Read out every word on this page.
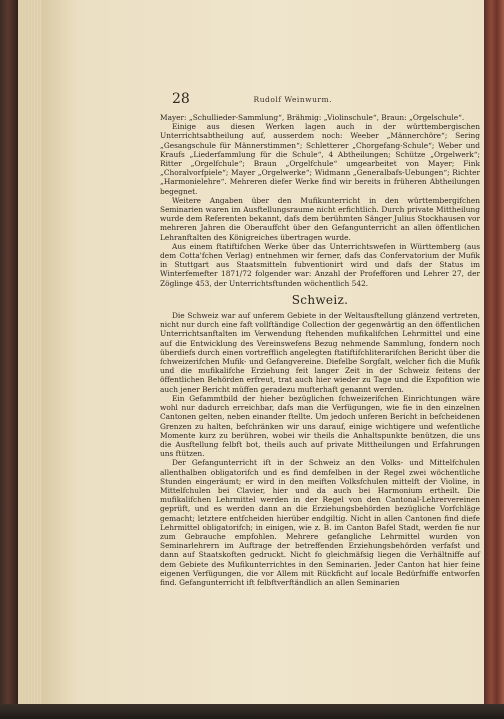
28	Rudolf Weinwurm.

Mayer: „Schullieder-Sammlung“, Brähmig: „Violinschule“, Braun: „Orgelschule“.

Einige aus diesen Werken lagen auch in der württembergischen Unterrichtsabtheilung auf, ausserdem noch: Weeber „Männerchöre“; Sering „Gesangschule für Männerstimmen“; Schletterer „Chorgefang-Schule“; Weber und Kraufs „Liederfammlung für die Schule“, 4 Abtheilungen; Schütze „Orgelwerk“; Ritter „Orgelfchule“; Braun „Orgelfchule“ umgearbeitet von Mayer; Fink „Choralvorfpiele“; Mayer „Orgelwerke“; Widmann „Generalbafs-Uebungen“; Richter „Harmonielehre“. Mehreren diefer Werke find wir bereits in früheren Abtheilungen begegnet.

Weitere Angaben über den Mufikunterricht in den württembergifchen Seminarien waren im Ausftellungsraume nicht erfichtlich. Durch private Mittheilung wurde dem Referenten bekannt, dafs dem berühmten Sänger Julius Stockhausen vor mehreren Jahren die Oberauffcht über den Gefangunterricht an allen öffentlichen Lehranftalten des Königreiches übertragen wurde.

Aus einem ftatiftifchen Werke über das Unterrichtswefen in Württemberg (aus dem Cotta'fchen Verlag) entnehmen wir ferner, dafs das Confervatorium der Mufik in Stuttgart aus Staatsmitteln fubventionirt wird und dafs der Status im Winterfemefter 1871/72 folgender war: Anzahl der Profefforen und Lehrer 27, der Zöglinge 453, der Unterrichtsftunden wöchentlich 542.

Schweiz.

Die Schweiz war auf unferem Gebiete in der Weltausftellung glänzend vertreten, nicht nur durch eine faft vollftändige Collection der gegenwärtig an den öffentlichen Unterrichtsanftalten im Verwendung ftehenden mufikalifchen Lehrmittel und eine auf die Entwicklung des Vereinswefens Bezug nehmende Sammlung, fondern noch überdiefs durch einen vortrefflich angelegten ftatiftifchliterarifchen Bericht über die fchweizerifchen Mufik- und Gefangvereine. Diefelbe Sorgfalt, welcher fich die Mufik und die mufikalifche Erziehung feit langer Zeit in der Schweiz feitens der öffentlichen Behörden erfreut, trat auch hier wieder zu Tage und die Expofition wie auch jener Bericht müffen geradezu mufterhaft genannt werden.

Ein Gefammtbild der hieher bezüglichen fchweizerifchen Einrichtungen wäre wohl nur dadurch erreichbar, dafs man die Verfügungen, wie fie in den einzelnen Cantonen gelten, neben einander ftellte. Um jedoch unferen Bericht in befcheidenen Grenzen zu halten, befchränken wir uns darauf, einige wichtigere und wefentliche Momente kurz zu berühren, wobei wir theils die Anhaltspunkte benützen, die uns die Ausftellung felbft bot, theils auch auf private Mittheilungen und Erfahrungen uns ftützen.

Der Gefangunterricht ift in der Schweiz an den Volks- und Mittelfchulen allenthalben obligatorifch und es find demfelben in der Regel zwei wöchentliche Stunden eingeräumt; er wird in den meiften Volksfchulen mittelft der Violine, in Mittelfchulen bei Clavier, hier und da auch bei Harmonium ertheilt. Die mufikalifchen Lehrmittel werden in der Regel von den Cantonal-Lehrervereinen geprüft, und es werden dann an die Erziehungsbehörden bezügliche Vorfchläge gemacht; letztere entfcheiden hierüber endgiltig. Nicht in allen Cantonen find diefe Lehrmittel obligatorifch; in einigen, wie z. B. im Canton Bafel Stadt, werden fie nur zum Gebrauche empfohlen. Mehrere gefangliche Lehrmittel wurden von Seminarlehrern im Auftrage der betreffenden Erziehungsbehörden verfafst und dann auf Staatskoften gedruckt. Nicht fo gleichmäfsig liegen die Verhältniffe auf dem Gebiete des Mufikunterrichtes in den Seminarien. Jeder Canton hat hier feine eigenen Verfügungen, die vor Allem mit Rückficht auf locale Bedürfniffe entworfen find. Gefangunterricht ift felbftverftändlich an allen Seminarien
